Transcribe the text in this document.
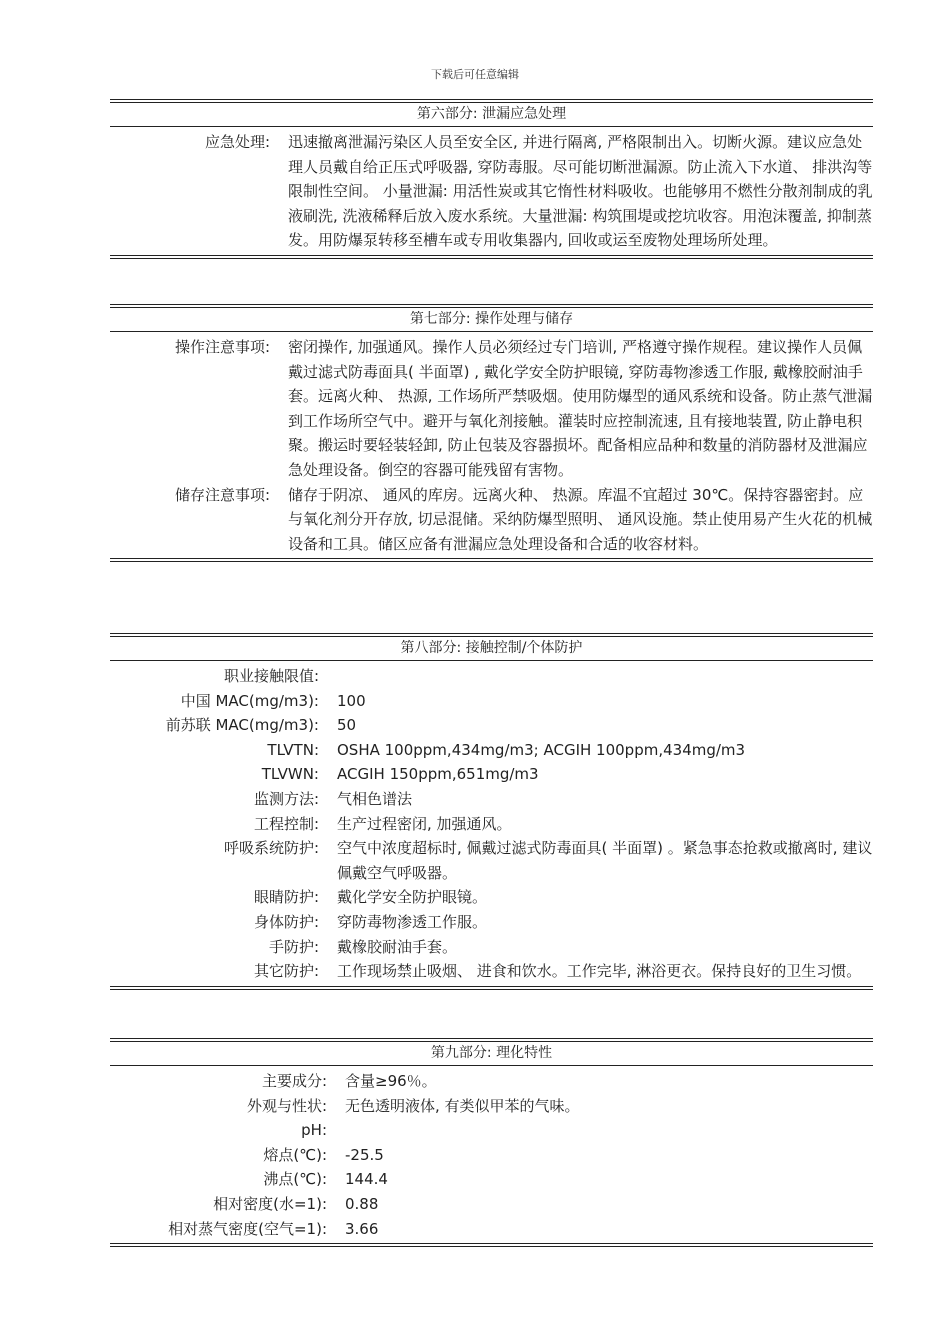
下载后可任意编辑
第六部分: 泄漏应急处理
应急处理:	迅速撤离泄漏污染区人员至安全区, 并进行隔离, 严格限制出入。切断火源。建议应急处理人员戴自给正压式呼吸器, 穿防毒服。尽可能切断泄漏源。防止流入下水道、 排洪沟等限制性空间。 小量泄漏: 用活性炭或其它惰性材料吸收。也能够用不燃性分散剂制成的乳液刷洗, 洗液稀释后放入废水系统。大量泄漏: 构筑围堤或挖坑收容。用泡沫覆盖, 抑制蒸发。用防爆泵转移至槽车或专用收集器内, 回收或运至废物处理场所处理。
第七部分: 操作处理与储存
操作注意事项:	密闭操作, 加强通风。操作人员必须经过专门培训, 严格遵守操作规程。建议操作人员佩戴过滤式防毒面具( 半面罩) , 戴化学安全防护眼镜, 穿防毒物渗透工作服, 戴橡胶耐油手套。远离火种、 热源, 工作场所严禁吸烟。使用防爆型的通风系统和设备。防止蒸气泄漏到工作场所空气中。避开与氧化剂接触。灌装时应控制流速, 且有接地装置, 防止静电积聚。搬运时要轻装轻卸, 防止包装及容器损坏。配备相应品种和数量的消防器材及泄漏应急处理设备。倒空的容器可能残留有害物。
储存注意事项:	储存于阴凉、 通风的库房。远离火种、 热源。库温不宜超过 30℃。保持容器密封。应与氧化剂分开存放, 切忌混储。采纳防爆型照明、 通风设施。禁止使用易产生火花的机械设备和工具。储区应备有泄漏应急处理设备和合适的收容材料。
第八部分: 接触控制/个体防护
职业接触限值:
中国 MAC(mg/m3):	100
前苏联 MAC(mg/m3):	50
TLVTN:	OSHA 100ppm,434mg/m3; ACGIH 100ppm,434mg/m3
TLVWN:	ACGIH 150ppm,651mg/m3
监测方法:	气相色谱法
工程控制:	生产过程密闭, 加强通风。
呼吸系统防护:	空气中浓度超标时, 佩戴过滤式防毒面具( 半面罩) 。紧急事态抢救或撤离时, 建议佩戴空气呼吸器。
眼睛防护:	戴化学安全防护眼镜。
身体防护:	穿防毒物渗透工作服。
手防护:	戴橡胶耐油手套。
其它防护:	工作现场禁止吸烟、 进食和饮水。工作完毕, 淋浴更衣。保持良好的卫生习惯。
第九部分: 理化特性
主要成分:	含量≥96％。
外观与性状:	无色透明液体, 有类似甲苯的气味。
pH:
熔点(℃):	-25.5
沸点(℃):	144.4
相对密度(水=1):	0.88
相对蒸气密度(空气=1):	3.66
